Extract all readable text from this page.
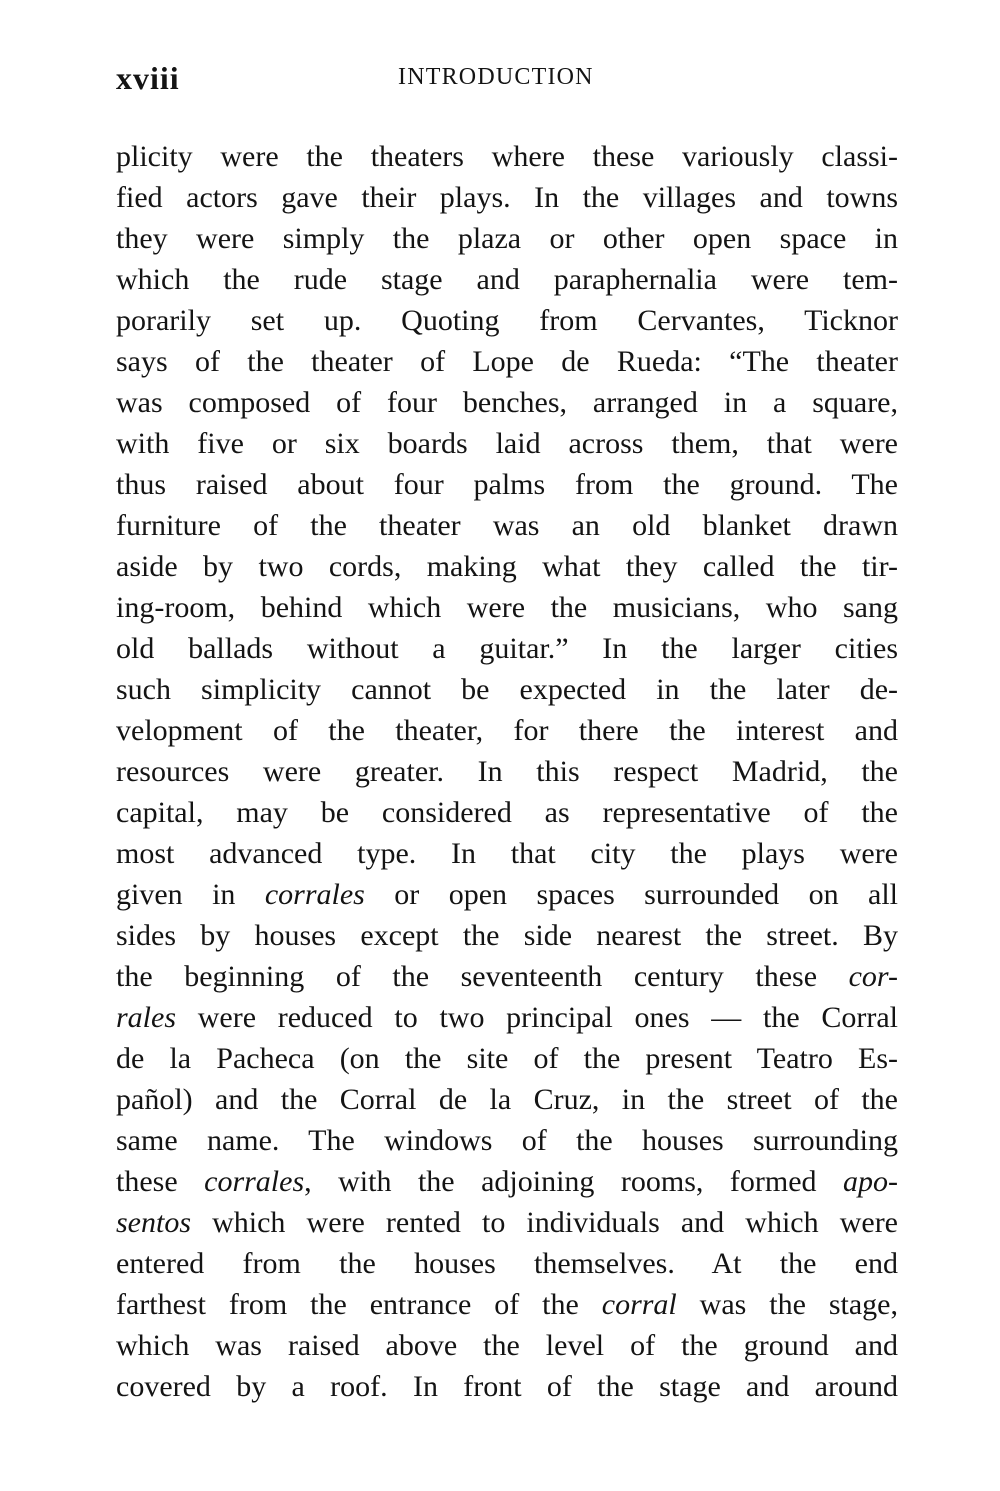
xviii	INTRODUCTION
plicity were the theaters where these variously classi-
fied actors gave their plays. In the villages and towns
they were simply the plaza or other open space in
which the rude stage and paraphernalia were tem-
porarily set up. Quoting from Cervantes, Ticknor
says of the theater of Lope de Rueda: “The theater
was composed of four benches, arranged in a square,
with five or six boards laid across them, that were
thus raised about four palms from the ground. The
furniture of the theater was an old blanket drawn
aside by two cords, making what they called the tir-
ing-room, behind which were the musicians, who sang
old ballads without a guitar.” In the larger cities
such simplicity cannot be expected in the later de-
velopment of the theater, for there the interest and
resources were greater. In this respect Madrid, the
capital, may be considered as representative of the
most advanced type. In that city the plays were
given in corrales or open spaces surrounded on all
sides by houses except the side nearest the street. By
the beginning of the seventeenth century these cor-
rales were reduced to two principal ones — the Corral
de la Pacheca (on the site of the present Teatro Es-
pañol) and the Corral de la Cruz, in the street of the
same name. The windows of the houses surrounding
these corrales, with the adjoining rooms, formed apo-
sentos which were rented to individuals and which were
entered from the houses themselves. At the end
farthest from the entrance of the corral was the stage,
which was raised above the level of the ground and
covered by a roof. In front of the stage and around
